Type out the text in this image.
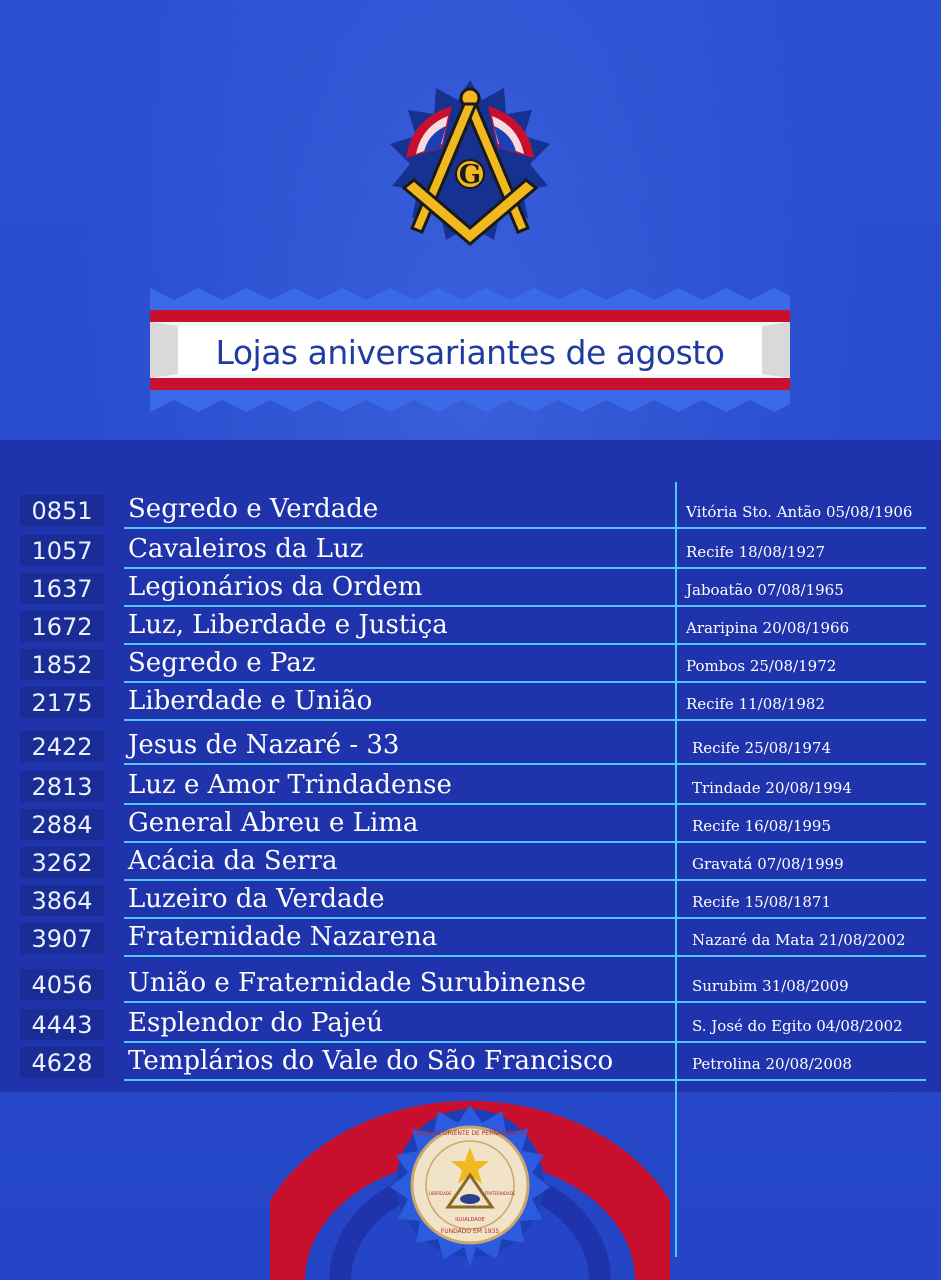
G
Lojas aniversariantes de agosto
0851	Segredo e Verdade	Vitória Sto. Antão 05/08/1906
1057	Cavaleiros da Luz	Recife 18/08/1927
1637	Legionários da Ordem	Jaboatão 07/08/1965
1672	Luz, Liberdade e Justiça	Araripina 20/08/1966
1852	Segredo e Paz	Pombos 25/08/1972
2175	Liberdade e União	Recife 11/08/1982
2422	Jesus de Nazaré - 33	Recife 25/08/1974
2813	Luz e Amor Trindadense	Trindade 20/08/1994
2884	General Abreu e Lima	Recife 16/08/1995
3262	Acácia da Serra	Gravatá 07/08/1999
3864	Luzeiro da Verdade	Recife 15/08/1871
3907	Fraternidade Nazarena	Nazaré da Mata 21/08/2002
4056	União e Fraternidade Surubinense	Surubim 31/08/2009
4443	Esplendor do Pajeú	S. José do Egito 04/08/2002
4628	Templários do Vale do São Francisco	Petrolina 20/08/2008
GRANDE ORIENTE DE PERNAMBUCO
IGUALDADE
FUNDADO EM 1935
LIBERDADE	FRATERNIDADE
